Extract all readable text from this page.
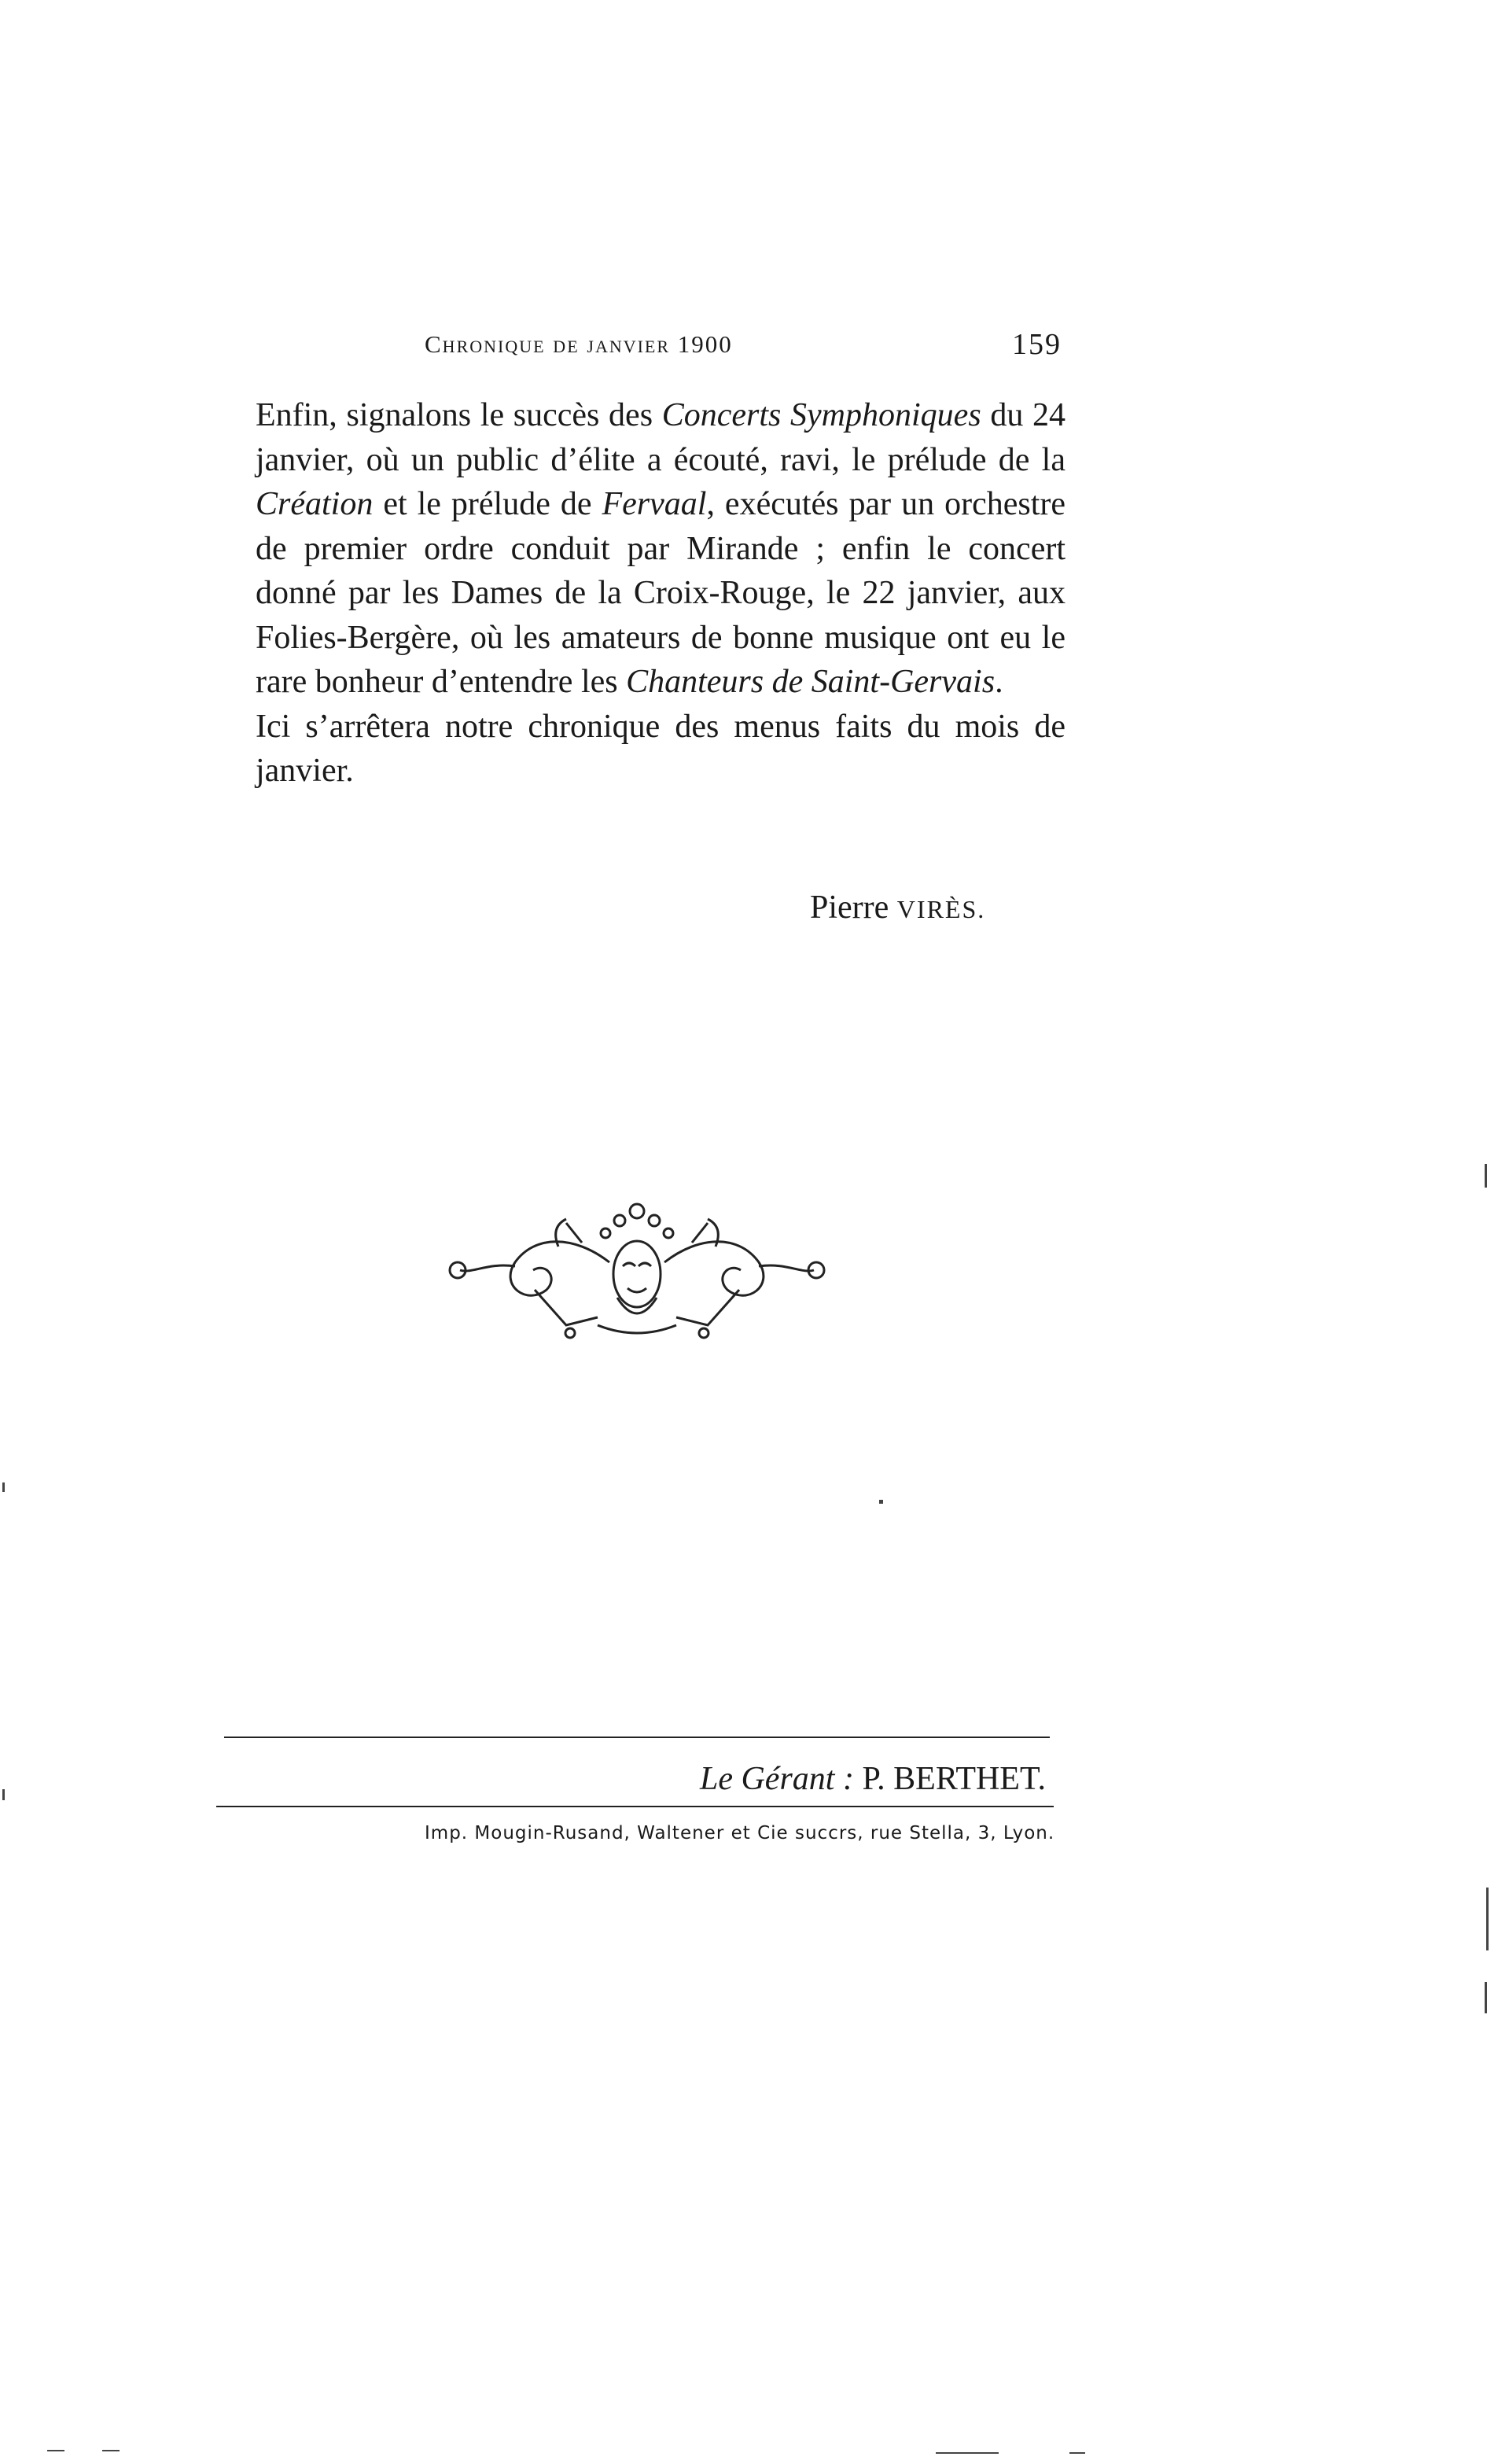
Chronique de janvier 1900	159

Enfin, signalons le succès des Concerts Symphoniques du 24 janvier, où un public d’élite a écouté, ravi, le prélude de la Création et le prélude de Fervaal, exécutés par un orchestre de premier ordre conduit par Mirande ; enfin le concert donné par les Dames de la Croix-Rouge, le 22 janvier, aux Folies-Bergère, où les amateurs de bonne musique ont eu le rare bonheur d’entendre les Chanteurs de Saint-Gervais.

Ici s’arrêtera notre chronique des menus faits du mois de janvier.

Pierre VIRÈS.
Le Gérant : P. BERTHET.
Imp. Mougin-Rusand, Waltener et Cie succrs, rue Stella, 3, Lyon.
